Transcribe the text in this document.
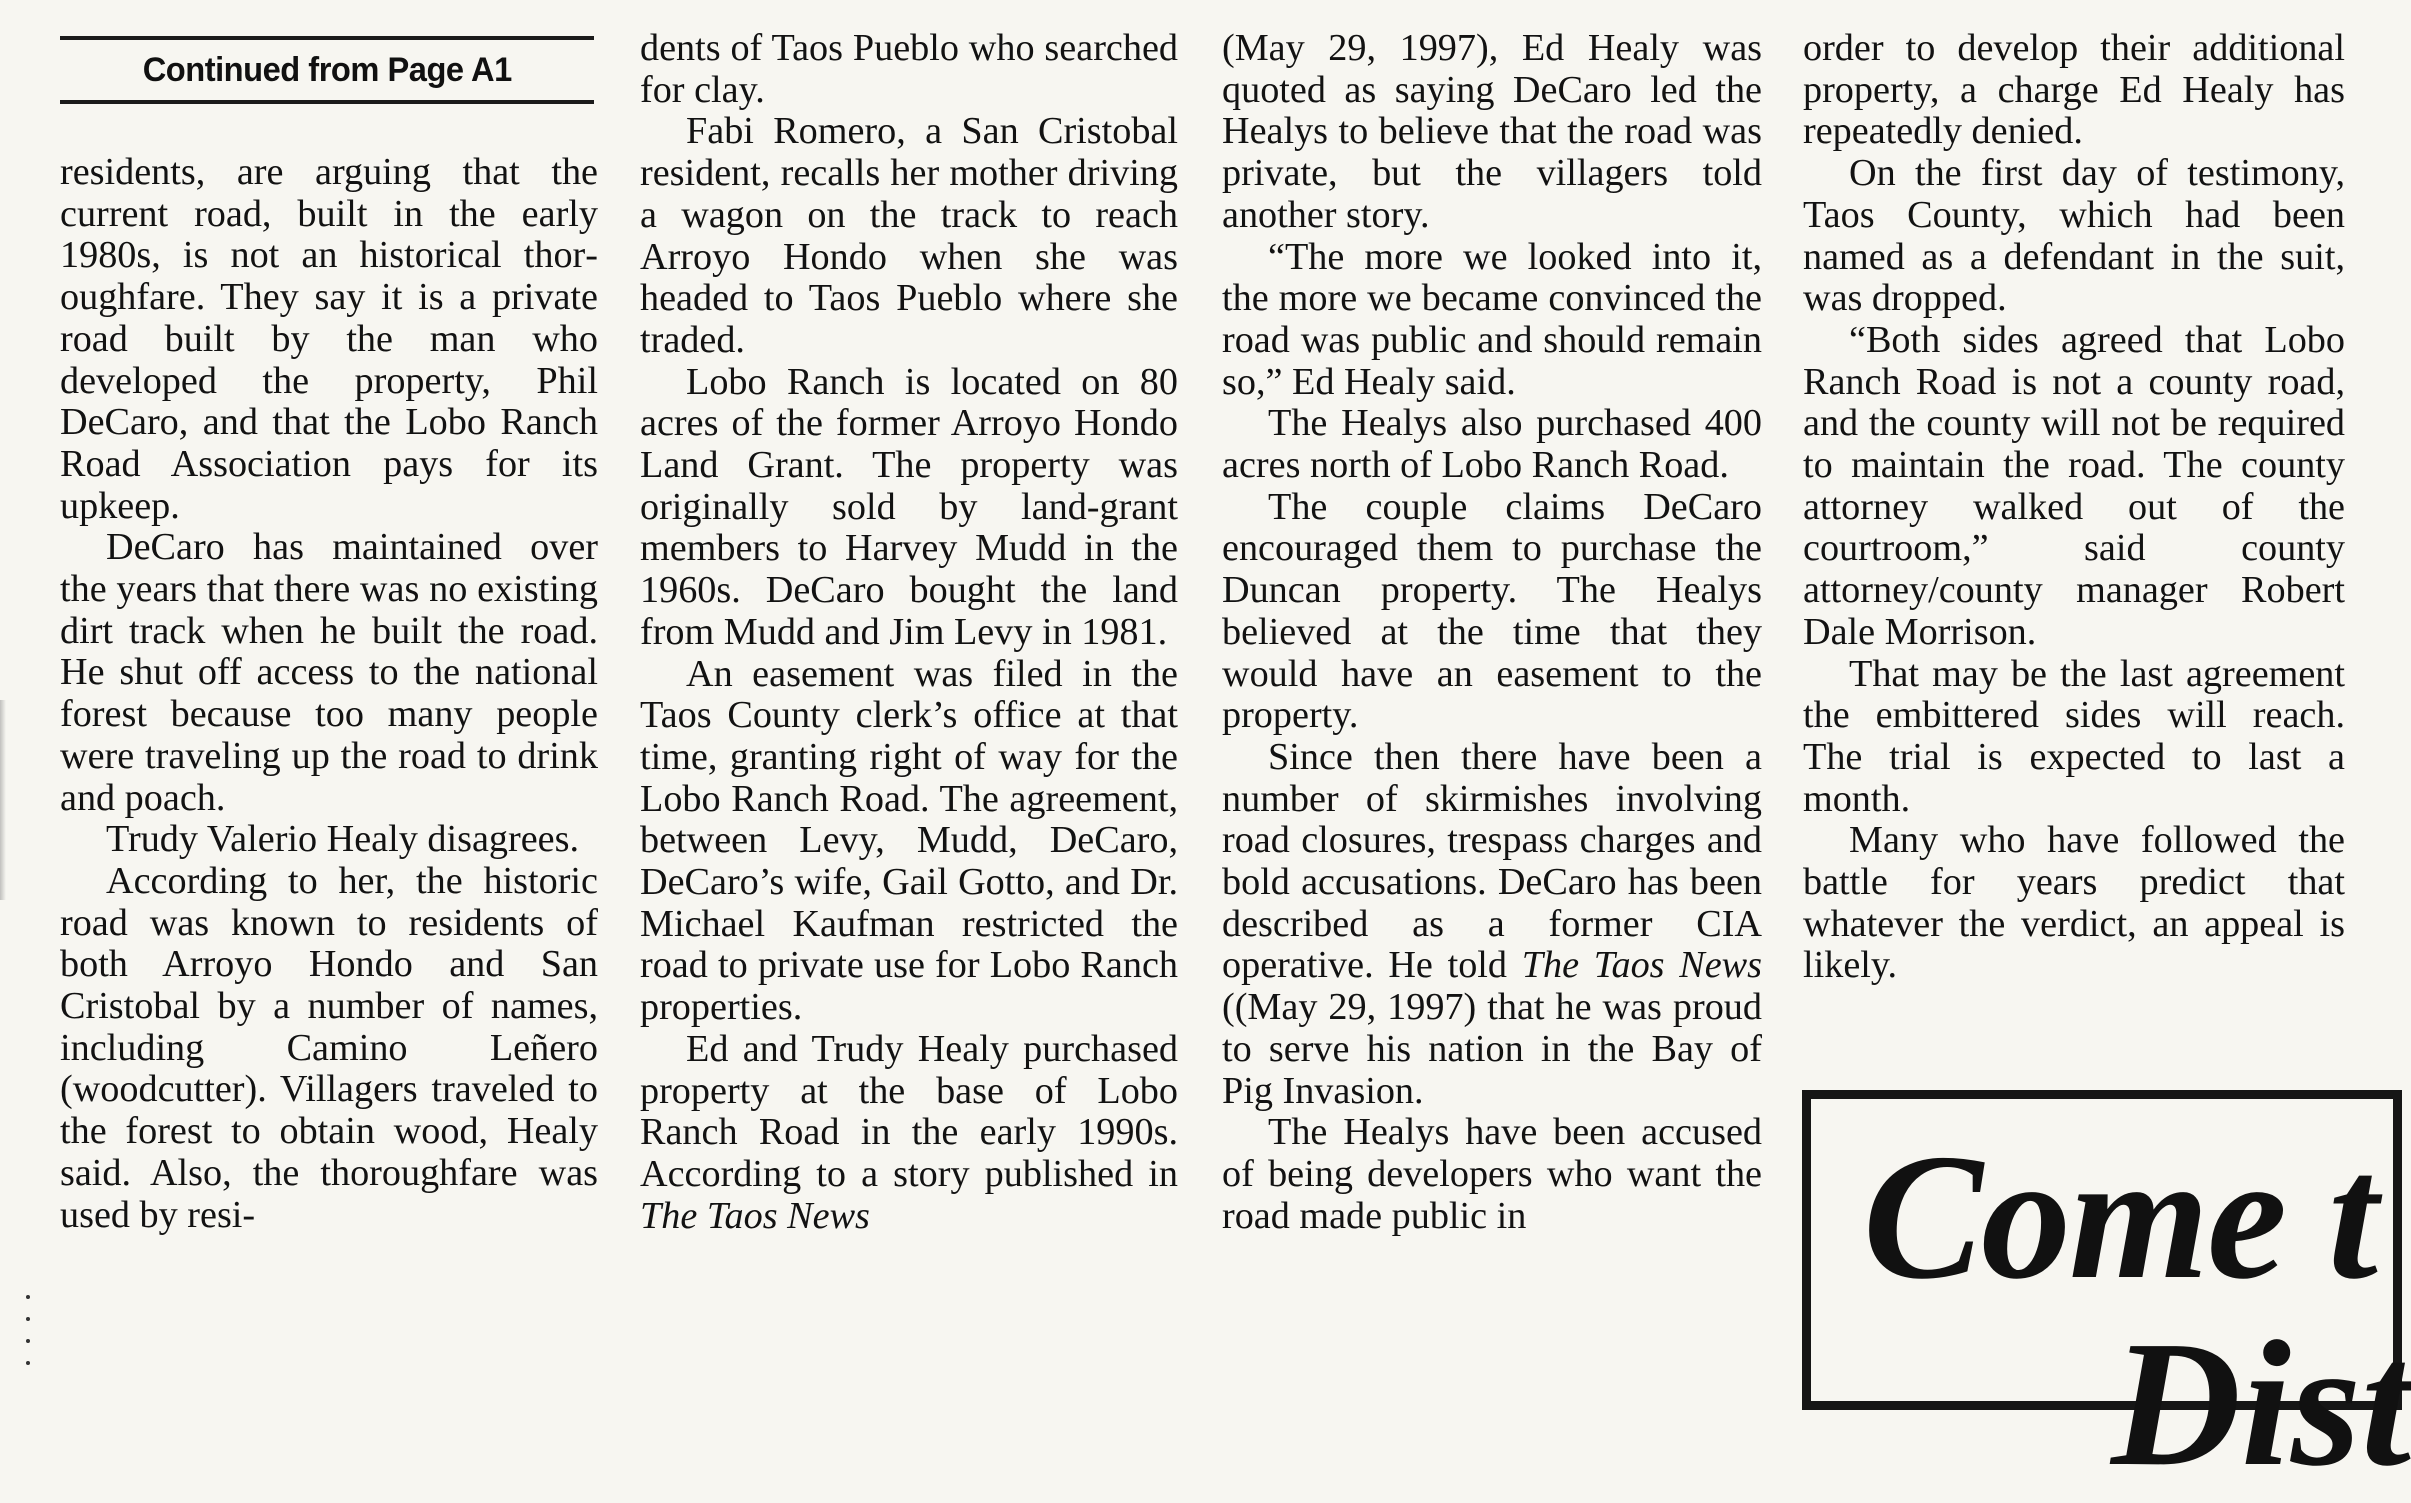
Continued from Page A1

residents, are arguing that the current road, built in the early 1980s, is not an historical thoroughfare. They say it is a private road built by the man who developed the property, Phil DeCaro, and that the Lobo Ranch Road Association pays for its upkeep.

DeCaro has maintained over the years that there was no existing dirt track when he built the road. He shut off access to the national forest because too many people were traveling up the road to drink and poach.

Trudy Valerio Healy disagrees.

According to her, the historic road was known to residents of both Arroyo Hondo and San Cristobal by a number of names, including Camino Leñero (woodcutter). Villagers traveled to the forest to obtain wood, Healy said. Also, the thoroughfare was used by resi-

dents of Taos Pueblo who searched for clay.

Fabi Romero, a San Cristobal resident, recalls her mother driving a wagon on the track to reach Arroyo Hondo when she was headed to Taos Pueblo where she traded.

Lobo Ranch is located on 80 acres of the former Arroyo Hondo Land Grant. The property was originally sold by land-grant members to Harvey Mudd in the 1960s. DeCaro bought the land from Mudd and Jim Levy in 1981.

An easement was filed in the Taos County clerk’s office at that time, granting right of way for the Lobo Ranch Road. The agreement, between Levy, Mudd, DeCaro, DeCaro’s wife, Gail Gotto, and Dr. Michael Kaufman restricted the road to private use for Lobo Ranch properties.

Ed and Trudy Healy purchased property at the base of Lobo Ranch Road in the early 1990s. According to a story published in The Taos News

(May 29, 1997), Ed Healy was quoted as saying DeCaro led the Healys to believe that the road was private, but the villagers told another story.

“The more we looked into it, the more we became convinced the road was public and should remain so,” Ed Healy said.

The Healys also purchased 400 acres north of Lobo Ranch Road.

The couple claims DeCaro encouraged them to purchase the Duncan property. The Healys believed at the time that they would have an easement to the property.

Since then there have been a number of skirmishes involving road closures, trespass charges and bold accusations. DeCaro has been described as a former CIA operative. He told The Taos News ((May 29, 1997) that he was proud to serve his nation in the Bay of Pig Invasion.

The Healys have been accused of being developers who want the road made public in

order to develop their additional property, a charge Ed Healy has repeatedly denied.

On the first day of testimony, Taos County, which had been named as a defendant in the suit, was dropped.

“Both sides agreed that Lobo Ranch Road is not a county road, and the county will not be required to maintain the road. The county attorney walked out of the courtroom,” said county attorney/county manager Robert Dale Morrison.

That may be the last agreement the embittered sides will reach. The trial is expected to last a month.

Many who have followed the battle for years predict that whatever the verdict, an appeal is likely.

Come t
Dist
